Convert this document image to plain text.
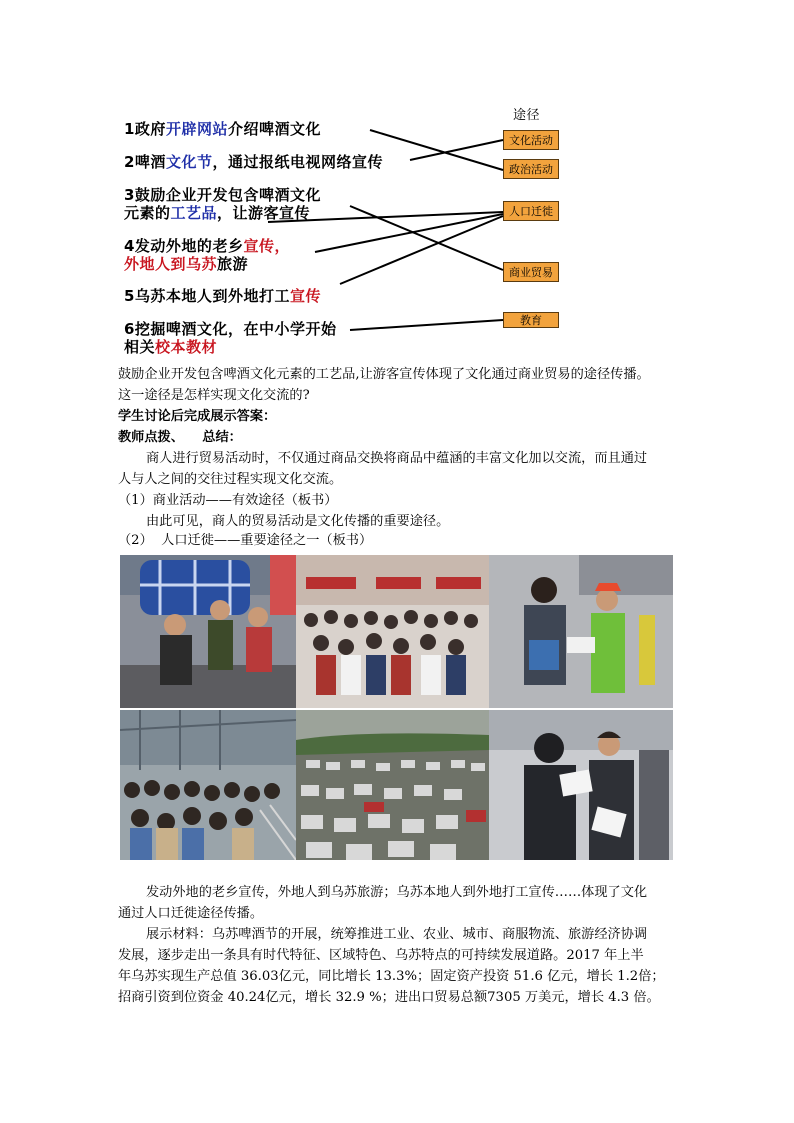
途径
1政府开辟网站介绍啤酒文化
2啤酒文化节，通过报纸电视网络宣传
3鼓励企业开发包含啤酒文化
元素的工艺品，让游客宣传
4发动外地的老乡宣传，
外地人到乌苏旅游
5乌苏本地人到外地打工宣传
6挖掘啤酒文化，在中小学开始
相关校本教材
文化活动
政治活动
人口迁徙
商业贸易
教育
鼓励企业开发包含啤酒文化元素的工艺品,让游客宣传体现了文化通过商业贸易的途径传播。
这一途径是怎样实现文化交流的?
学生讨论后完成展示答案：
教师点拨、    总结：
商人进行贸易活动时，不仅通过商品交换将商品中蕴涵的丰富文化加以交流，而且通过
人与人之间的交往过程实现文化交流。
（1）商业活动——有效途径（板书）
由此可见，商人的贸易活动是文化传播的重要途径。
（2）  人口迁徙——重要途径之一（板书）
发动外地的老乡宣传，外地人到乌苏旅游；乌苏本地人到外地打工宣传……体现了文化
通过人口迁徙途径传播。
展示材料：乌苏啤酒节的开展，统筹推进工业、农业、城市、商服物流、旅游经济协调
发展，逐步走出一条具有时代特征、区域特色、乌苏特点的可持续发展道路。2017 年上半
年乌苏实现生产总值 36.03亿元，同比增长 13.3%；固定资产投资 51.6 亿元，增长 1.2倍；
招商引资到位资金 40.24亿元，增长 32.9 %；进出口贸易总额7305 万美元，增长 4.3 倍。
